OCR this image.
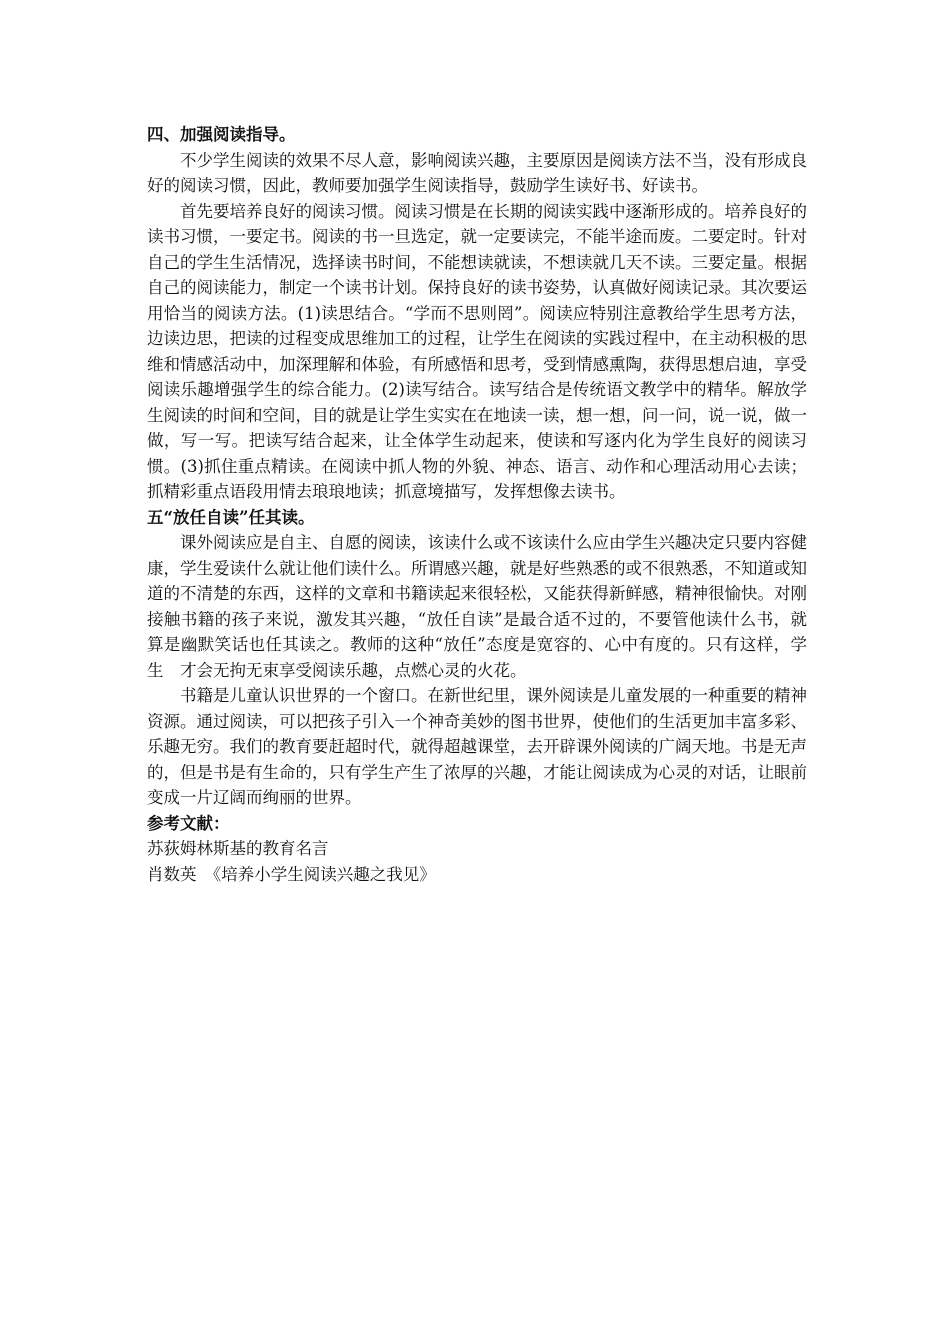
四、加强阅读指导。

不少学生阅读的效果不尽人意，影响阅读兴趣，主要原因是阅读方法不当，没有形成良好的阅读习惯，因此，教师要加强学生阅读指导，鼓励学生读好书、好读书。

首先要培养良好的阅读习惯。阅读习惯是在长期的阅读实践中逐渐形成的。培养良好的读书习惯，一要定书。阅读的书一旦选定，就一定要读完，不能半途而废。二要定时。针对自己的学生生活情况，选择读书时间，不能想读就读，不想读就几天不读。三要定量。根据自己的阅读能力，制定一个读书计划。保持良好的读书姿势，认真做好阅读记录。其次要运用恰当的阅读方法。(1)读思结合。“学而不思则罔”。阅读应特别注意教给学生思考方法，边读边思，把读的过程变成思维加工的过程，让学生在阅读的实践过程中，在主动积极的思维和情感活动中，加深理解和体验，有所感悟和思考，受到情感熏陶，获得思想启迪，享受阅读乐趣增强学生的综合能力。(2)读写结合。读写结合是传统语文教学中的精华。解放学生阅读的时间和空间，目的就是让学生实实在在地读一读，想一想，问一问，说一说，做一做，写一写。把读写结合起来，让全体学生动起来，使读和写逐内化为学生良好的阅读习惯。(3)抓住重点精读。在阅读中抓人物的外貌、神态、语言、动作和心理活动用心去读；抓精彩重点语段用情去琅琅地读；抓意境描写，发挥想像去读书。

五“放任自读”任其读。

课外阅读应是自主、自愿的阅读，该读什么或不该读什么应由学生兴趣决定只要内容健康，学生爱读什么就让他们读什么。所谓感兴趣，就是好些熟悉的或不很熟悉，不知道或知道的不清楚的东西，这样的文章和书籍读起来很轻松，又能获得新鲜感，精神很愉快。对刚接触书籍的孩子来说，激发其兴趣，“放任自读”是最合适不过的，不要管他读什么书，就算是幽默笑话也任其读之。教师的这种“放任”态度是宽容的、心中有度的。只有这样，学生　才会无拘无束享受阅读乐趣，点燃心灵的火花。

书籍是儿童认识世界的一个窗口。在新世纪里，课外阅读是儿童发展的一种重要的精神资源。通过阅读，可以把孩子引入一个神奇美妙的图书世界，使他们的生活更加丰富多彩、乐趣无穷。我们的教育要赶超时代，就得超越课堂，去开辟课外阅读的广阔天地。书是无声的，但是书是有生命的，只有学生产生了浓厚的兴趣，才能让阅读成为心灵的对话，让眼前变成一片辽阔而绚丽的世界。

参考文献：
苏荻姆林斯基的教育名言
肖数英　《培养小学生阅读兴趣之我见》
